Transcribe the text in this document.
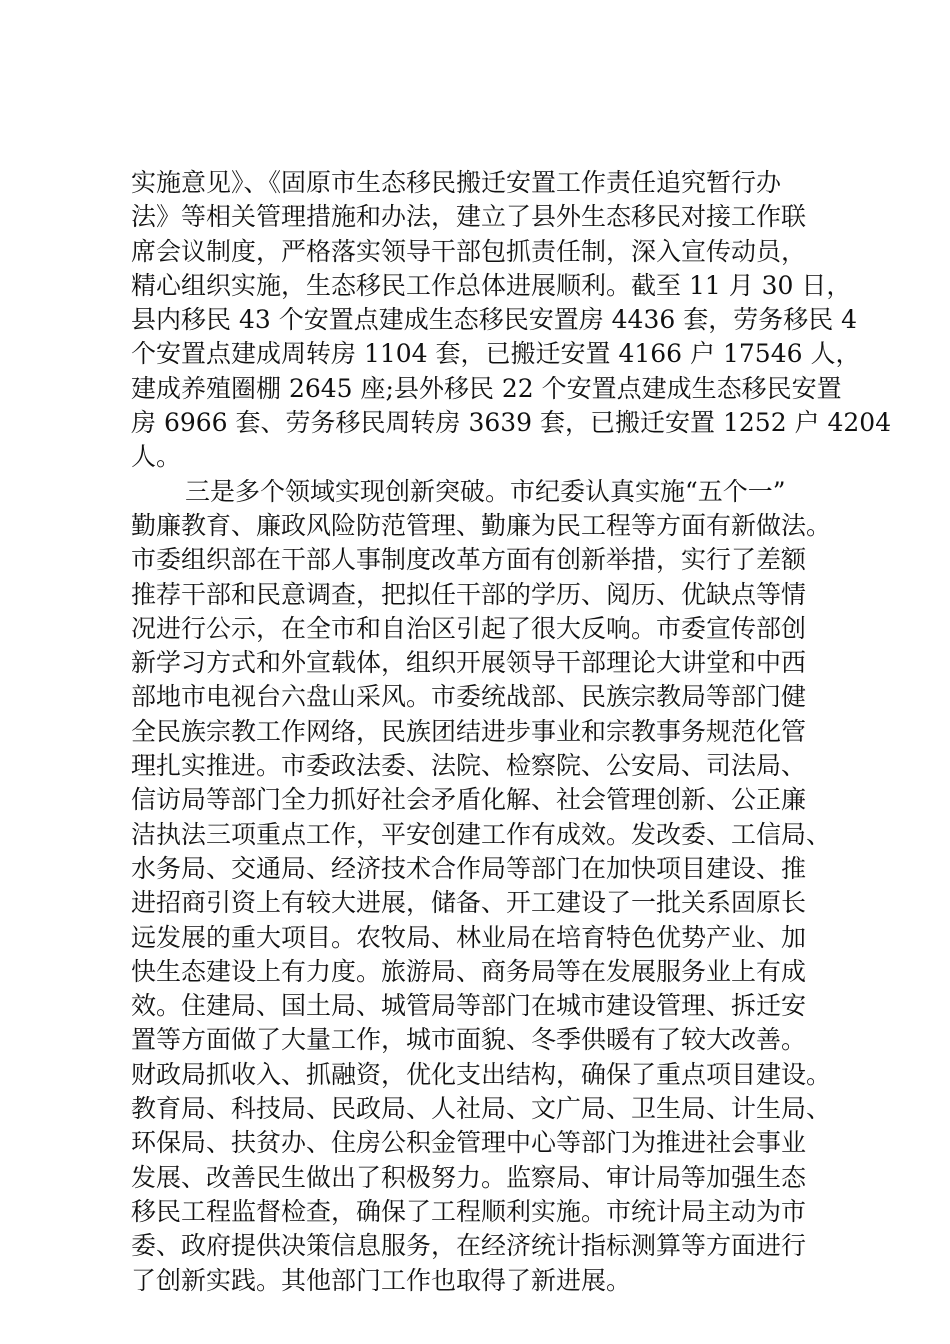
实施意见》、《固原市生态移民搬迁安置工作责任追究暂行办
法》等相关管理措施和办法，建立了县外生态移民对接工作联
席会议制度，严格落实领导干部包抓责任制，深入宣传动员，
精心组织实施，生态移民工作总体进展顺利。截至 11 月 30 日，
县内移民 43 个安置点建成生态移民安置房 4436 套，劳务移民 4
个安置点建成周转房 1104 套，已搬迁安置 4166 户 17546 人，
建成养殖圈棚 2645 座;县外移民 22 个安置点建成生态移民安置
房 6966 套、劳务移民周转房 3639 套，已搬迁安置 1252 户 4204
人。
三是多个领域实现创新突破。市纪委认真实施“五个一”
勤廉教育、廉政风险防范管理、勤廉为民工程等方面有新做法。
市委组织部在干部人事制度改革方面有创新举措，实行了差额
推荐干部和民意调查，把拟任干部的学历、阅历、优缺点等情
况进行公示，在全市和自治区引起了很大反响。市委宣传部创
新学习方式和外宣载体，组织开展领导干部理论大讲堂和中西
部地市电视台六盘山采风。市委统战部、民族宗教局等部门健
全民族宗教工作网络，民族团结进步事业和宗教事务规范化管
理扎实推进。市委政法委、法院、检察院、公安局、司法局、
信访局等部门全力抓好社会矛盾化解、社会管理创新、公正廉
洁执法三项重点工作，平安创建工作有成效。发改委、工信局、
水务局、交通局、经济技术合作局等部门在加快项目建设、推
进招商引资上有较大进展，储备、开工建设了一批关系固原长
远发展的重大项目。农牧局、林业局在培育特色优势产业、加
快生态建设上有力度。旅游局、商务局等在发展服务业上有成
效。住建局、国土局、城管局等部门在城市建设管理、拆迁安
置等方面做了大量工作，城市面貌、冬季供暖有了较大改善。
财政局抓收入、抓融资，优化支出结构，确保了重点项目建设。
教育局、科技局、民政局、人社局、文广局、卫生局、计生局、
环保局、扶贫办、住房公积金管理中心等部门为推进社会事业
发展、改善民生做出了积极努力。监察局、审计局等加强生态
移民工程监督检查，确保了工程顺利实施。市统计局主动为市
委、政府提供决策信息服务，在经济统计指标测算等方面进行
了创新实践。其他部门工作也取得了新进展。
